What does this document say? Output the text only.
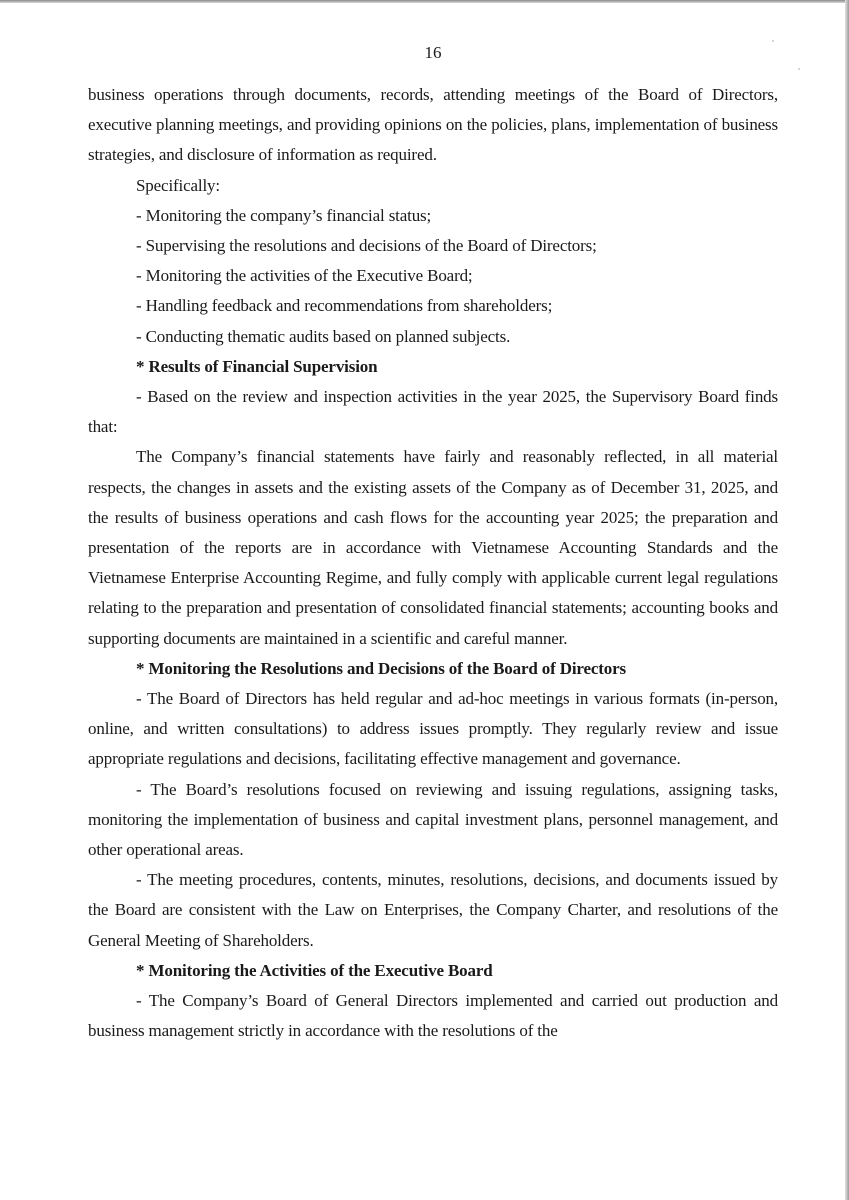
16

business operations through documents, records, attending meetings of the Board of Directors, executive planning meetings, and providing opinions on the policies, plans, implementation of business strategies, and disclosure of information as required.

Specifically:

- Monitoring the company’s financial status;

- Supervising the resolutions and decisions of the Board of Directors;

- Monitoring the activities of the Executive Board;

- Handling feedback and recommendations from shareholders;

- Conducting thematic audits based on planned subjects.

* Results of Financial Supervision

- Based on the review and inspection activities in the year 2025, the Supervisory Board finds that:

The Company’s financial statements have fairly and reasonably reflected, in all material respects, the changes in assets and the existing assets of the Company as of December 31, 2025, and the results of business operations and cash flows for the accounting year 2025; the preparation and presentation of the reports are in accordance with Vietnamese Accounting Standards and the Vietnamese Enterprise Accounting Regime, and fully comply with applicable current legal regulations relating to the preparation and presentation of consolidated financial statements; accounting books and supporting documents are maintained in a scientific and careful manner.

* Monitoring the Resolutions and Decisions of the Board of Directors

- The Board of Directors has held regular and ad-hoc meetings in various formats (in-person, online, and written consultations) to address issues promptly. They regularly review and issue appropriate regulations and decisions, facilitating effective management and governance.

- The Board’s resolutions focused on reviewing and issuing regulations, assigning tasks, monitoring the implementation of business and capital investment plans, personnel management, and other operational areas.

- The meeting procedures, contents, minutes, resolutions, decisions, and documents issued by the Board are consistent with the Law on Enterprises, the Company Charter, and resolutions of the General Meeting of Shareholders.

* Monitoring the Activities of the Executive Board

- The Company’s Board of General Directors implemented and carried out production and business management strictly in accordance with the resolutions of the
